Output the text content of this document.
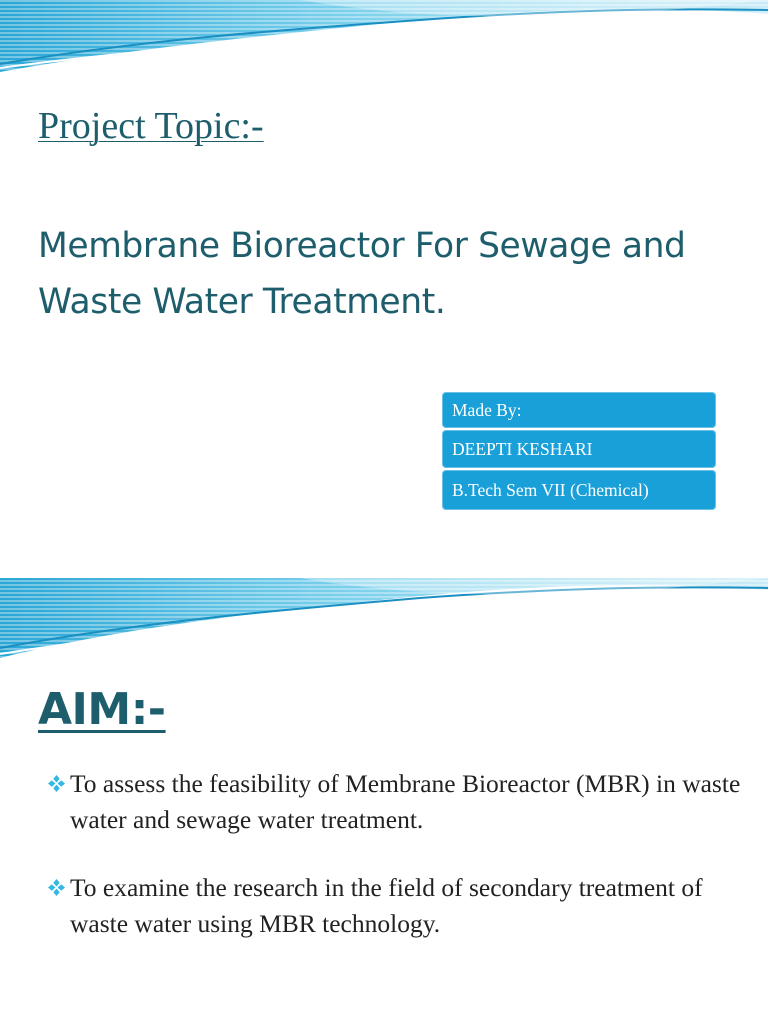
Project Topic:-
Membrane Bioreactor For Sewage and Waste Water Treatment.
Made By:
DEEPTI KESHARI
B.Tech Sem VII (Chemical)
AIM:-
To assess the feasibility of Membrane Bioreactor (MBR) in waste water and sewage water treatment.
To examine the research in the field of secondary treatment of waste water using MBR technology.
